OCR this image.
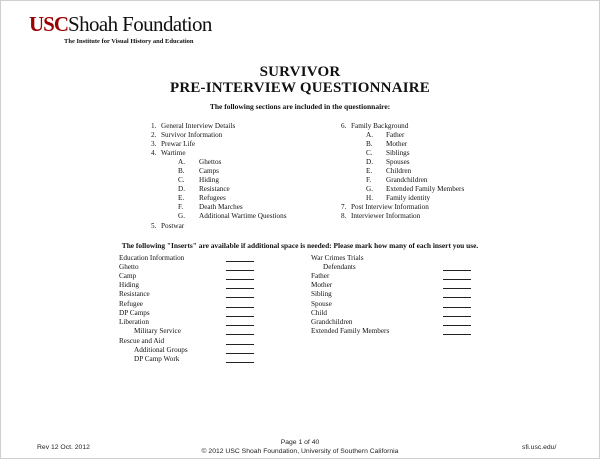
USCShoah Foundation
The Institute for Visual History and Education
SURVIVOR
PRE-INTERVIEW QUESTIONNAIRE
The following sections are included in the questionnaire:
1. General Interview Details
2. Survivor Information
3. Prewar Life
4. Wartime
A. Ghettos
B. Camps
C. Hiding
D. Resistance
E. Refugees
F. Death Marches
G. Additional Wartime Questions
5. Postwar
6. Family Background
A. Father
B. Mother
C. Siblings
D. Spouses
E. Children
F. Grandchildren
G. Extended Family Members
H. Family identity
7. Post Interview Information
8. Interviewer Information
The following "Inserts" are available if additional space is needed: Please mark how many of each insert you use.
Education Information
Ghetto
Camp
Hiding
Resistance
Refugee
DP Camps
Liberation
Military Service
Rescue and Aid
Additional Groups
DP Camp Work
War Crimes Trials
Defendants
Father
Mother
Sibling
Spouse
Child
Grandchildren
Extended Family Members
Rev 12 Oct. 2012
Page 1 of 40
© 2012 USC Shoah Foundation, University of Southern California
sfi.usc.edu/
